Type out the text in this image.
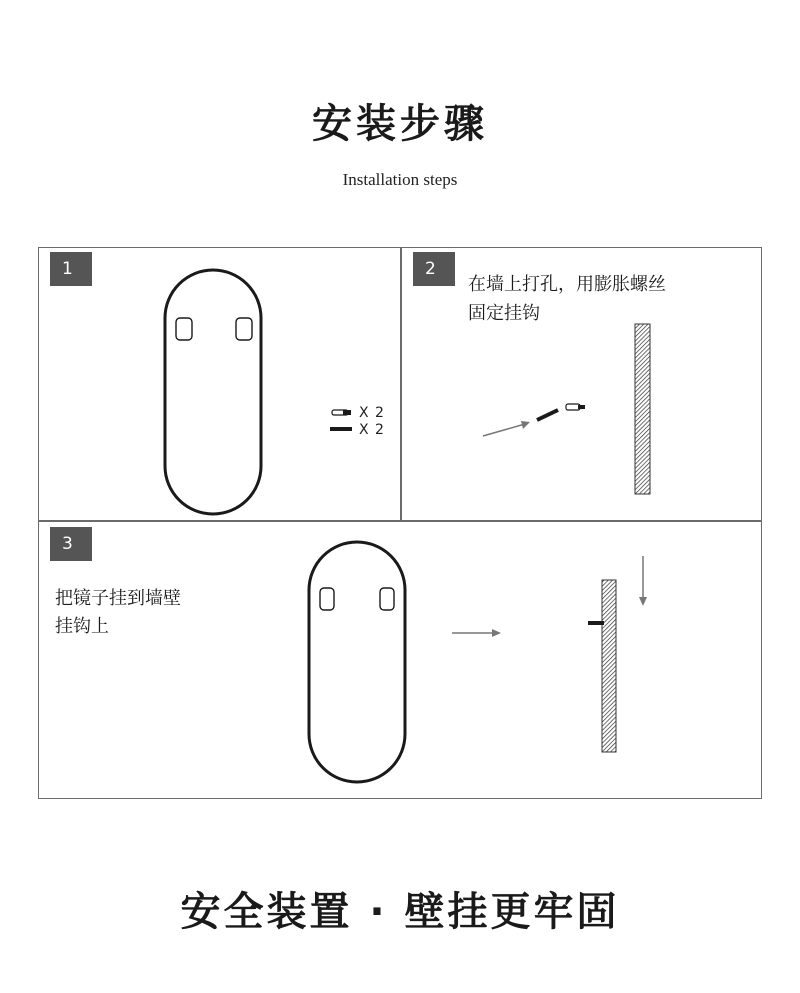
安装步骤
Installation steps
1
X 2
X 2
2
在墙上打孔，用膨胀螺丝
固定挂钩
3
把镜子挂到墙壁
挂钩上
安全装置 · 壁挂更牢固
